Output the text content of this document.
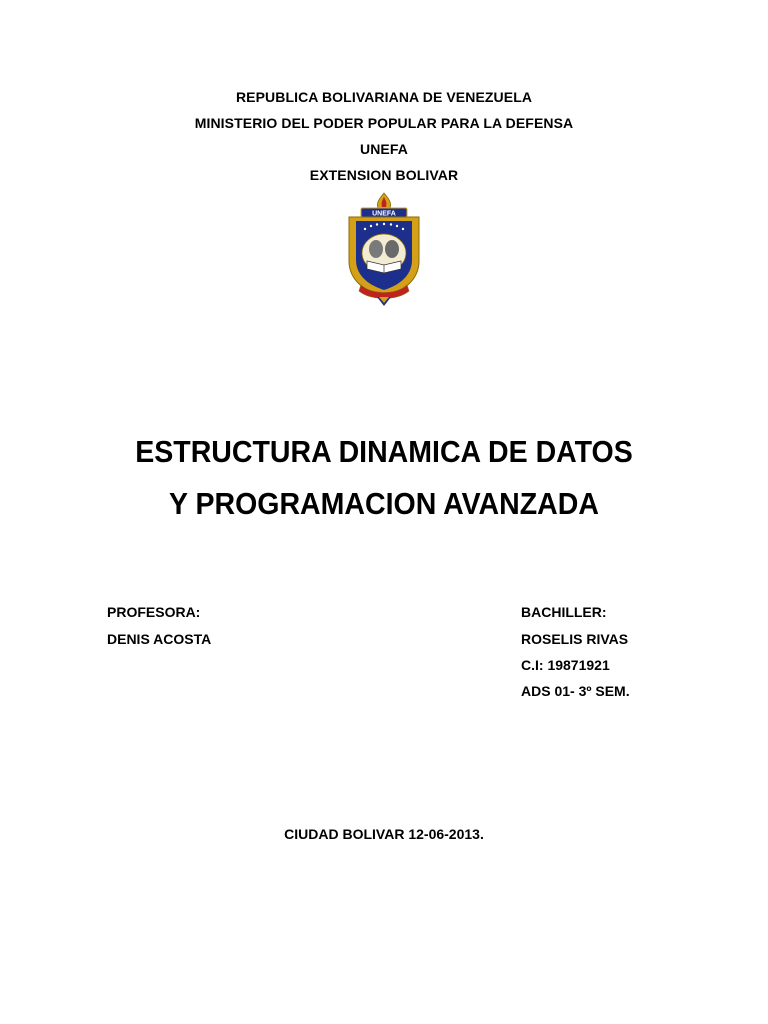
REPUBLICA BOLIVARIANA DE VENEZUELA
MINISTERIO DEL PODER POPULAR PARA LA DEFENSA
UNEFA
EXTENSION BOLIVAR
UNEFA
ESTRUCTURA DINAMICA DE DATOS
Y PROGRAMACION AVANZADA
PROFESORA:
DENIS ACOSTA
BACHILLER:
ROSELIS RIVAS
C.I: 19871921
ADS 01- 3º SEM.
CIUDAD BOLIVAR 12-06-2013.
